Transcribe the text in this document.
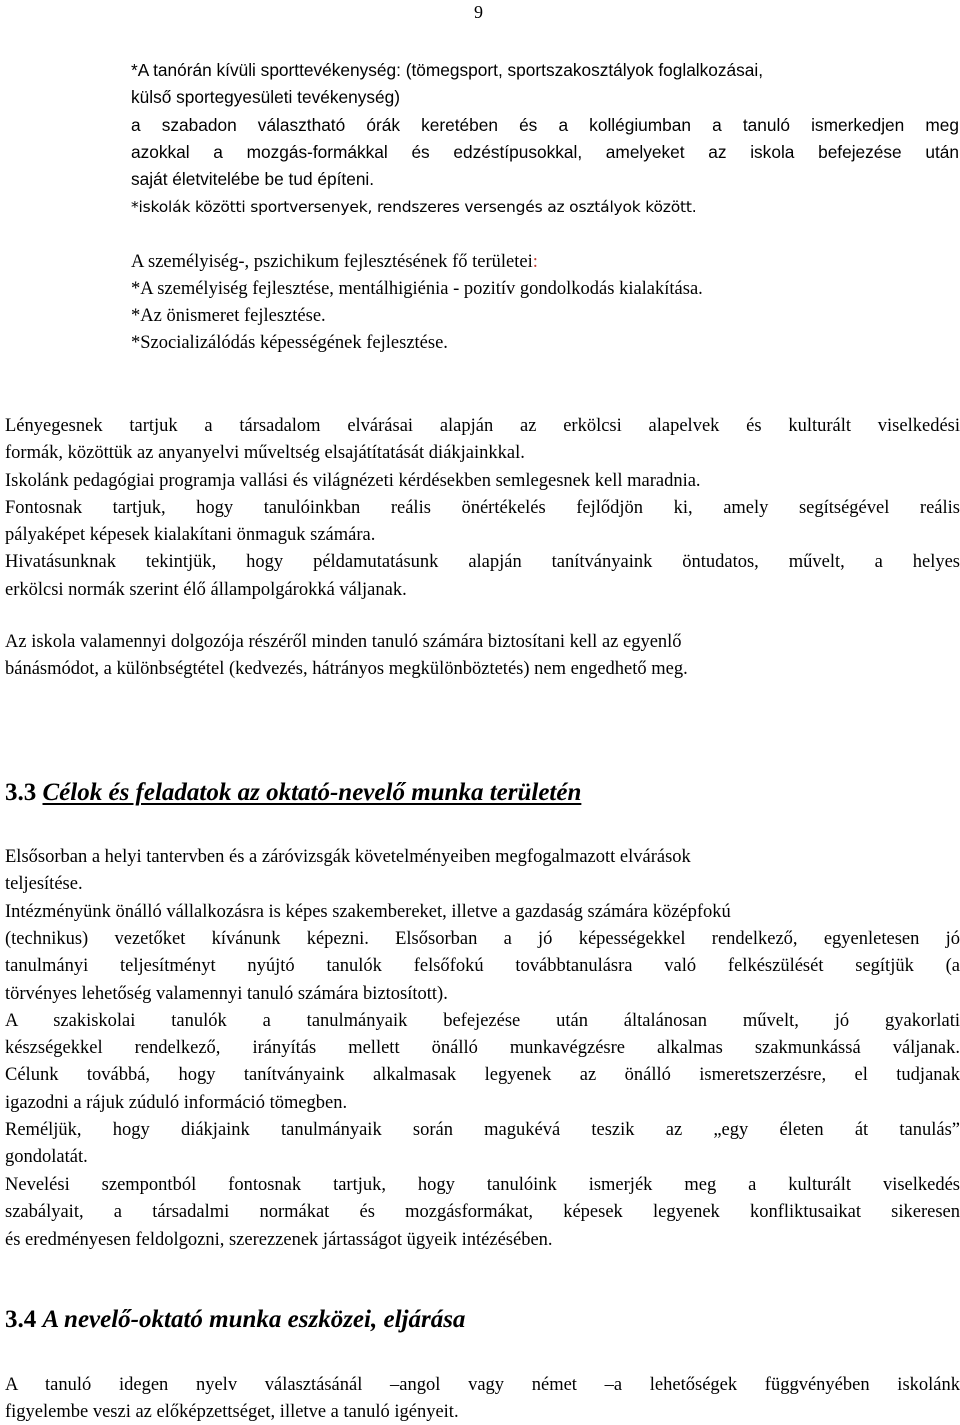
9
*A tanórán kívüli sporttevékenység: (tömegsport, sportszakosztályok foglalkozásai,
külső sportegyesületi tevékenység)
a szabadon választható órák keretében és a kollégiumban a tanuló ismerkedjen meg
azokkal a mozgás-formákkal és edzéstípusokkal, amelyeket az iskola befejezése után
saját életvitelébe be tud építeni.
*iskolák közötti sportversenyek, rendszeres versengés az osztályok között.
A személyiség-, pszichikum fejlesztésének fő területei:
*A személyiség fejlesztése, mentálhigiénia - pozitív gondolkodás kialakítása.
*Az önismeret fejlesztése.
*Szocializálódás képességének fejlesztése.
Lényegesnek tartjuk a társadalom elvárásai alapján az erkölcsi alapelvek és kulturált viselkedési
formák, közöttük az anyanyelvi műveltség elsajátítatását diákjainkkal.
Iskolánk pedagógiai programja vallási és világnézeti kérdésekben semlegesnek kell maradnia.
Fontosnak tartjuk, hogy tanulóinkban reális önértékelés fejlődjön ki, amely segítségével reális
pályaképet képesek kialakítani önmaguk számára.
Hivatásunknak tekintjük, hogy példamutatásunk alapján tanítványaink öntudatos, művelt, a helyes
erkölcsi normák szerint élő állampolgárokká váljanak.
Az iskola valamennyi dolgozója részéről minden tanuló számára biztosítani kell az egyenlő
bánásmódot, a különbségtétel (kedvezés, hátrányos megkülönböztetés) nem engedhető meg.
3.3 Célok és feladatok az oktató-nevelő munka területén
Elsősorban a helyi tantervben és a záróvizsgák követelményeiben megfogalmazott elvárások
teljesítése.
Intézményünk önálló vállalkozásra is képes szakembereket, illetve a gazdaság számára középfokú
(technikus) vezetőket kívánunk képezni. Elsősorban a jó képességekkel rendelkező, egyenletesen jó
tanulmányi teljesítményt nyújtó tanulók felsőfokú továbbtanulásra való felkészülését segítjük (a
törvényes lehetőség valamennyi tanuló számára biztosított).
A szakiskolai tanulók a tanulmányaik befejezése után általánosan művelt, jó gyakorlati
készségekkel rendelkező, irányítás mellett önálló munkavégzésre alkalmas szakmunkássá váljanak.
Célunk továbbá, hogy tanítványaink alkalmasak legyenek az önálló ismeretszerzésre, el tudjanak
igazodni a rájuk zúduló információ tömegben.
Reméljük, hogy diákjaink tanulmányaik során magukévá teszik az „egy életen át tanulás”
gondolatát.
Nevelési szempontból fontosnak tartjuk, hogy tanulóink ismerjék meg a kulturált viselkedés
szabályait, a társadalmi normákat és mozgásformákat, képesek legyenek konfliktusaikat sikeresen
és eredményesen feldolgozni, szerezzenek jártasságot ügyeik intézésében.
3.4 A nevelő-oktató munka eszközei, eljárása
A tanuló idegen nyelv választásánál –angol vagy német –a lehetőségek függvényében iskolánk
figyelembe veszi az előképzettséget, illetve a tanuló igényeit.
